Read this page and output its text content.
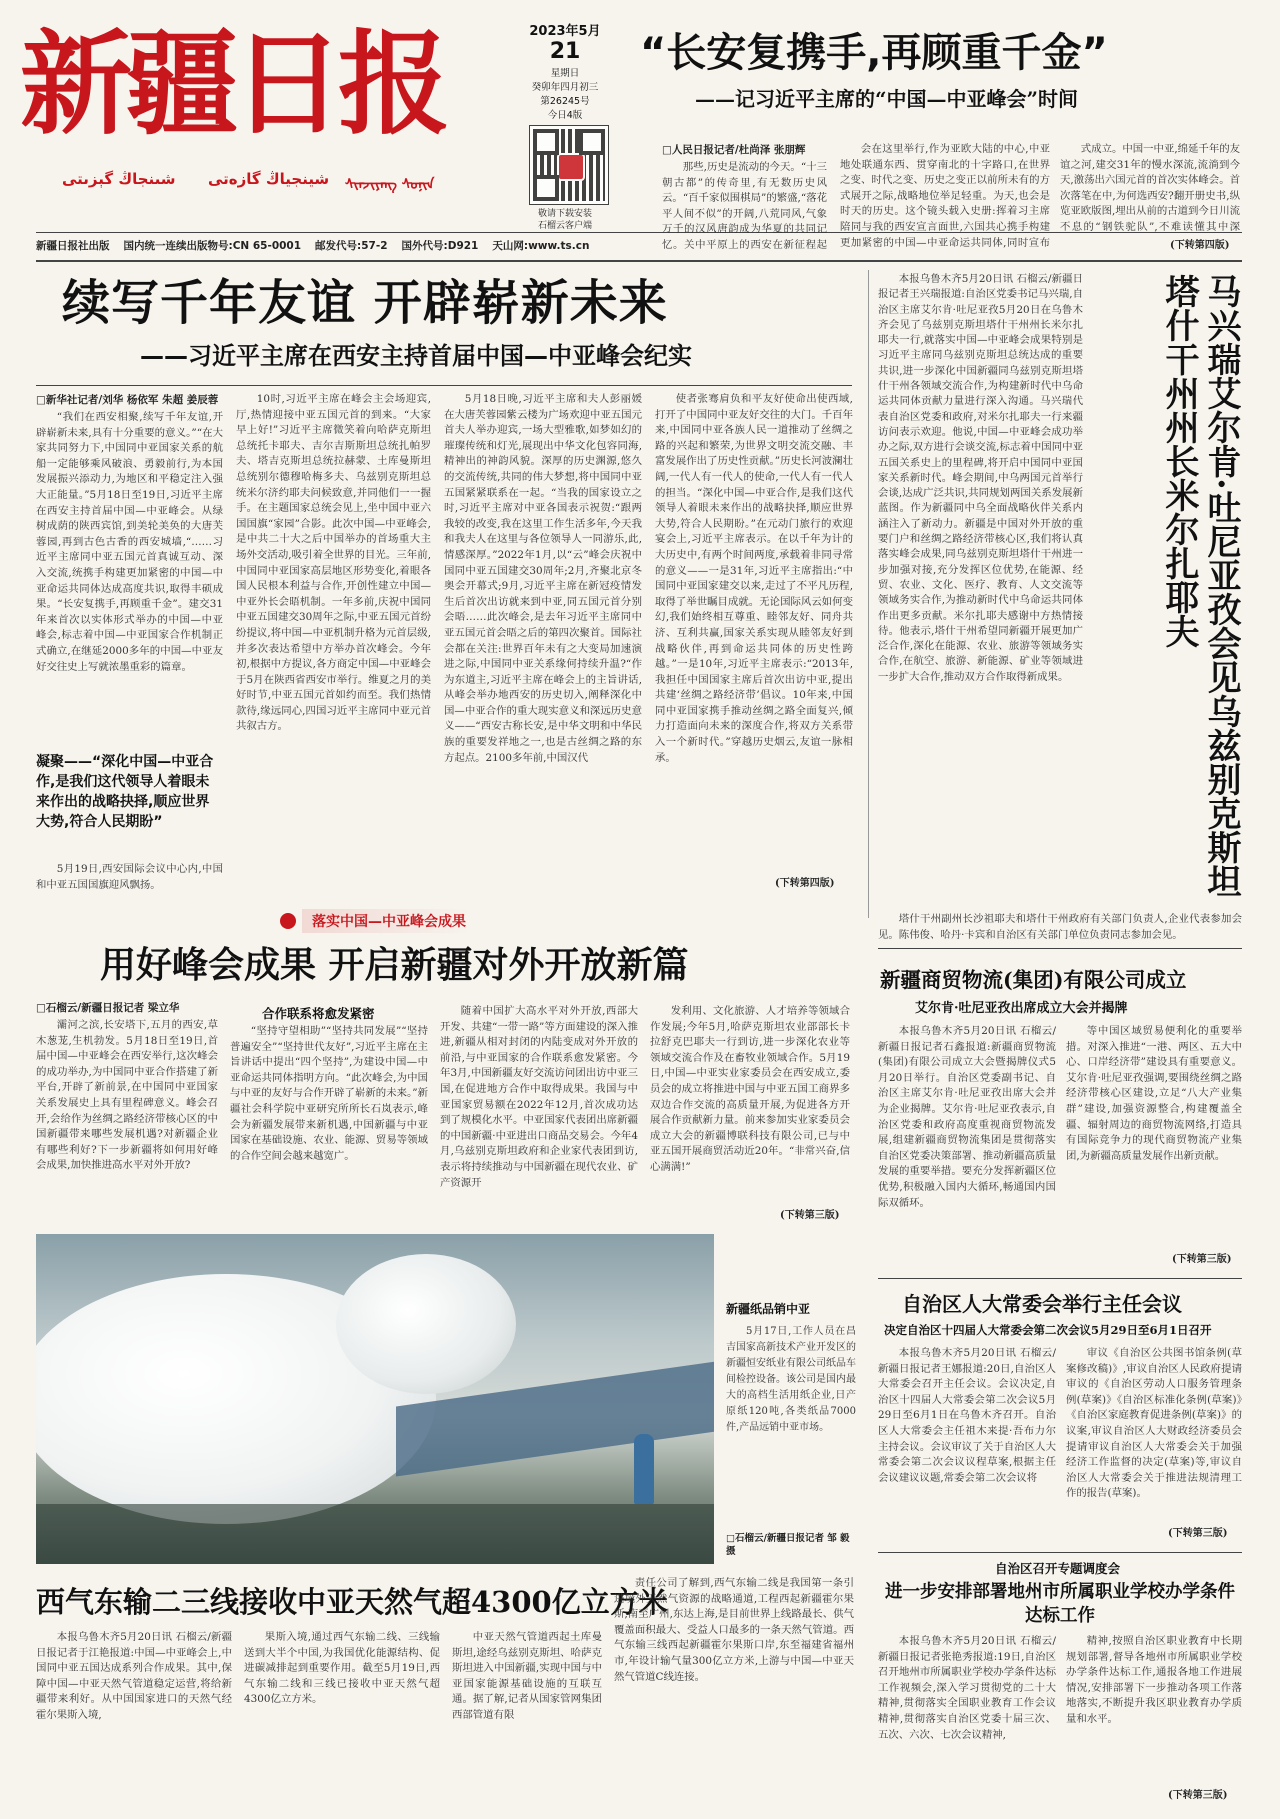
新疆日报
شىنجاڭ گېزىتى شينجياڭ گازەتى ᠰᠢᠨᠵᠢᠶᠠᠩ ᠰᠣᠨᠢᠨ
2023年5月
21
星期日
癸卯年四月初三
第26245号
今日4版
敬请下载安装
石榴云客户端
新疆日报社出版 国内统一连续出版物号:CN 65-0001 邮发代号:57-2 国外代号:D921 天山网:www.ts.cn
“长安复携手,再顾重千金”
——记习近平主席的“中国—中亚峰会”时间
□人民日报记者/杜尚泽 张朋辉

那些,历史是流动的今天。“十三朝古都”的传奇里,有无数历史风云。“百千家似围棋局”的繁盛,“落花平人间不似”的开阔,八荒同风,气象万千的汉风唐韵成为华夏的共同记忆。关中平原上的西安在新征程起

会在这里举行,作为亚欧大陆的中心,中亚地处联通东西、贯穿南北的十字路口,在世界之变、时代之变、历史之变正以前所未有的方式展开之际,战略地位举足轻重。为天,也会是时天的历史。这个镜头载入史册:挥着习主席陪同与我的西安宣言面世,六国共心携手构建更加紧密的中国—中亚命运共同体,同时宣布

式成立。中国一中亚,绵延千年的友谊之河,建交31年的慢水深流,流淌到今天,激荡出六国元首的首次实体峰会。首次落笔在中,为何选西安?翻开册史书,纵览亚欧版图,埋出从前的古道到今日川流不息的“钢铁驼队”,不难读懂其中深

(下转第四版)
续写千年友谊 开辟崭新未来
——习近平主席在西安主持首届中国—中亚峰会纪实
□新华社记者/刘华 杨依军 朱超 姜辰蓉

“我们在西安相聚,续写千年友谊,开辟崭新未来,具有十分重要的意义。”“在大家共同努力下,中国同中亚国家关系的航船一定能够乘风破浪、勇毅前行,为本国发展振兴添动力,为地区和平稳定注入强大正能量。”5月18日至19日,习近平主席在西安主持首届中国—中亚峰会。从绿树成荫的陕西宾馆,到美轮美奂的大唐芙蓉园,再到古色古香的西安城墙,“……习近平主席同中亚五国元首真诚互动、深入交流,统携手构建更加紧密的中国—中亚命运共同体达成高度共识,取得丰硕成果。“长安复携手,再顾重千金”。建交31年来首次以实体形式举办的中国—中亚峰会,标志着中国—中亚国家合作机制正式确立,在继延2000多年的中国—中亚友好交往史上写就浓墨重彩的篇章。

凝聚——“深化中国—中亚合作,是我们这代领导人着眼未来作出的战略抉择,顺应世界大势,符合人民期盼”

5月19日,西安国际会议中心内,中国和中亚五国国旗迎风飘扬。

10时,习近平主席在峰会主会场迎宾,厅,热情迎接中亚五国元首的到来。“大家早上好!”习近平主席微笑着向哈萨克斯坦总统托卡耶夫、吉尔吉斯斯坦总统扎帕罗夫、塔吉克斯坦总统拉赫蒙、土库曼斯坦总统别尔德穆哈梅多夫、乌兹别克斯坦总统米尔济约耶夫问候致意,并同他们一一握手。在主题国家总统会见上,坐中国中亚六国国旗“家园”合影。此次中国—中亚峰会,是中共二十大之后中国举办的首场重大主场外交活动,吸引着全世界的目光。三年前,中国同中亚国家高层地区形势变化,着眼各国人民根本利益与合作,开创性建立中国—中亚外长会晤机制。一年多前,庆祝中国同中亚五国建交30周年之际,中亚五国元首纷纷提议,将中国—中亚机制升格为元首层级,并多次表达希望中方举办首次峰会。今年初,根据中方提议,各方商定中国—中亚峰会于5月在陕西省西安市举行。维夏之月的美好时节,中亚五国元首如约而至。我们热情款待,缘远同心,四国习近平主席同中亚元首共叙古方。

5月18日晚,习近平主席和夫人彭丽媛在大唐芙蓉园紫云楼为广场欢迎中亚五国元首夫人举办迎宾,一场大型雅歌,如梦如幻的璀璨传统和灯光,展现出中华文化包容同海,精神出的神韵风貌。深厚的历史渊源,悠久的交流传统,共同的伟大梦想,将中国同中亚五国紧紧联系在一起。“当我的国家设立之时,习近平主席对中亚各国表示祝贺:“跟两我较的改变,我在这里工作生活多年,今天我和我夫人在这里与各位领导人一同游乐,此,情感深厚。”2022年1月,以“云”峰会庆祝中国同中亚五国建交30周年;2月,齐聚北京冬奥会开幕式;9月,习近平主席在新冠疫情发生后首次出访就来到中亚,同五国元首分别会晤……此次峰会,是去年习近平主席同中亚五国元首会晤之后的第四次聚首。国际社会都在关注:世界百年未有之大变局加速演进之际,中国同中亚关系缘何持续升温?“作为东道主,习近平主席在峰会上的主旨讲话,从峰会举办地西安的历史切入,阐释深化中国—中亚合作的重大现实意义和深远历史意义——“西安古称长安,是中华文明和中华民族的重要发祥地之一,也是古丝绸之路的东方起点。2100多年前,中国汉代

使者张骞肩负和平友好使命出使西域,打开了中国同中亚友好交往的大门。千百年来,中国同中亚各族人民一道推动了丝绸之路的兴起和繁荣,为世界文明交流交融、丰富发展作出了历史性贡献。”历史长河波澜壮阔,一代人有一代人的使命,一代人有一代人的担当。“深化中国—中亚合作,是我们这代领导人着眼未来作出的战略抉择,顺应世界大势,符合人民期盼。”在元动门旅行的欢迎宴会上,习近平主席表示。在以千年为计的大历史中,有两个时间两度,承载着非同寻常的意义——一是31年,习近平主席指出:“中国同中亚国家建交以来,走过了不平凡历程,取得了举世瞩目成就。无论国际风云如何变幻,我们始终相互尊重、睦邻友好、同舟共济、互利共赢,国家关系实现从睦邻友好到战略伙伴,再到命运共同体的历史性跨越。”一是10年,习近平主席表示:“2013年,我担任中国国家主席后首次出访中亚,提出共建‘丝绸之路经济带’倡议。10年来,中国同中亚国家携手推动丝绸之路全面复兴,倾力打造面向未来的深度合作,将双方关系带入一个新时代。”穿越历史烟云,友谊一脉相承。

(下转第四版)

本报乌鲁木齐5月20日讯 石榴云/新疆日报记者王兴瑞报道:自治区党委书记马兴瑞,自治区主席艾尔肯·吐尼亚孜5月20日在乌鲁木齐会见了乌兹别克斯坦塔什干州州长米尔扎耶夫一行,就落实中国—中亚峰会成果特别是习近平主席同乌兹别克斯坦总统达成的重要共识,进一步深化中国新疆同乌兹别克斯坦塔什干州各领域交流合作,为构建新时代中乌命运共同体贡献力量进行深入沟通。马兴瑞代表自治区党委和政府,对米尔扎耶夫一行来疆访问表示欢迎。他说,中国—中亚峰会成功举办之际,双方进行会谈交流,标志着中国同中亚五国关系史上的里程碑,将开启中国同中亚国家关系新时代。峰会期间,中乌两国元首举行会谈,达成广泛共识,共同规划两国关系发展新蓝图。作为新疆同中乌全面战略伙伴关系内涵注入了新动力。新疆是中国对外开放的重要门户和丝绸之路经济带核心区,我们将认真落实峰会成果,同乌兹别克斯坦塔什干州进一步加强对接,充分发挥区位优势,在能源、经贸、农业、文化、医疗、教育、人文交流等领域务实合作,为推动新时代中乌命运共同体作出更多贡献。米尔扎耶夫感谢中方热情接待。他表示,塔什干州希望同新疆开展更加广泛合作,深化在能源、农业、旅游等领域务实合作,在航空、旅游、新能源、矿业等领域进一步扩大合作,推动双方合作取得新成果。	马兴瑞艾尔肯·吐尼亚孜会见乌兹别克斯坦塔什干州州长米尔扎耶夫

塔什干州副州长沙祖耶夫和塔什干州政府有关部门负责人,企业代表参加会见。陈伟俊、哈丹·卡宾和自治区有关部门单位负责同志参加会见。

落实中国—中亚峰会成果
用好峰会成果 开启新疆对外开放新篇
□石榴云/新疆日报记者 梁立华

灞河之滨,长安塔下,五月的西安,草木葱茏,生机勃发。5月18日至19日,首届中国—中亚峰会在西安举行,这次峰会的成功举办,为中国同中亚合作搭建了新平台,开辟了新前景,在中国同中亚国家关系发展史上具有里程碑意义。峰会召开,会给作为丝绸之路经济带核心区的中国新疆带来哪些发展机遇?对新疆企业有哪些利好?下一步新疆将如何用好峰会成果,加快推进高水平对外开放?

合作联系将愈发紧密

“坚持守望相助”“坚持共同发展”“坚持普遍安全”“坚持世代友好”,习近平主席在主旨讲话中提出“四个坚持”,为建设中国—中亚命运共同体指明方向。“此次峰会,为中国与中亚的友好与合作开辟了崭新的未来。”新疆社会科学院中亚研究所所长石岚表示,峰会为新疆发展带来新机遇,中国新疆与中亚国家在基础设施、农业、能源、贸易等领域的合作空间会越来越宽广。

随着中国扩大高水平对外开放,西部大开发、共建“一带一路”等方面建设的深入推进,新疆从相对封闭的内陆变成对外开放的前沿,与中亚国家的合作联系愈发紧密。今年3月,中国新疆友好交流访问团出访中亚三国,在促进地方合作中取得成果。我国与中亚国家贸易额在2022年12月,首次成功达到了规模化水平。中亚国家代表团出席新疆的中国新疆·中亚进出口商品交易会。今年4月,乌兹别克斯坦政府和企业家代表团到访,表示将持续推动与中国新疆在现代农业、矿产资源开

发利用、文化旅游、人才培养等领域合作发展;今年5月,哈萨克斯坦农业部部长卡拉舒克巴耶夫一行到访,进一步深化农业等领域交流合作及在畜牧业领域合作。5月19日,中国—中亚实业家委员会在西安成立,委员会的成立将推进中国与中亚五国工商界多双边合作交流的高质量开展,为促进各方开展合作贡献新力量。前来参加实业家委员会成立大会的新疆博联科技有限公司,已与中亚五国开展商贸活动近20年。“非常兴奋,信心满满!”

(下转第三版)
新疆纸品销中亚

5月17日,工作人员在昌吉国家高新技术产业开发区的新疆恒安纸业有限公司纸品车间检控设备。该公司是国内最大的高档生活用纸企业,日产原纸120吨,各类纸品7000件,产品远销中亚市场。

□石榴云/新疆日报记者 邹 毅摄
西气东输二三线接收中亚天然气超4300亿立方米

本报乌鲁木齐5月20日讯 石榴云/新疆日报记者于江艳报道:中国—中亚峰会上,中国同中亚五国达成系列合作成果。其中,保障中国—中亚天然气管道稳定运营,将给新疆带来利好。从中国国家进口的天然气经霍尔果斯入境,

果斯入境,通过西气东输二线、三线输送到大半个中国,为我国优化能源结构、促进碳减排起到重要作用。截至5月19日,西气东输二线和三线已接收中亚天然气超4300亿立方米。

中亚天然气管道西起土库曼斯坦,途经乌兹别克斯坦、哈萨克斯坦进入中国新疆,实现中国与中亚国家能源基础设施的互联互通。据了解,记者从国家管网集团西部管道有限

责任公司了解到,西气东输二线是我国第一条引进境外天然气资源的战略通道,工程西起新疆霍尔果斯,南至广州,东达上海,是目前世界上线路最长、供气覆盖面积最大、受益人口最多的一条天然气管道。西气东输三线西起新疆霍尔果斯口岸,东至福建省福州市,年设计输气量300亿立方米,上游与中国—中亚天然气管道C线连接。

新疆商贸物流(集团)有限公司成立
艾尔肯·吐尼亚孜出席成立大会并揭牌

本报乌鲁木齐5月20日讯 石榴云/新疆日报记者石鑫报道:新疆商贸物流(集团)有限公司成立大会暨揭牌仪式5月20日举行。自治区党委副书记、自治区主席艾尔肯·吐尼亚孜出席大会并为企业揭牌。艾尔肯·吐尼亚孜表示,自治区党委和政府高度重视商贸物流发展,组建新疆商贸物流集团是贯彻落实自治区党委决策部署、推动新疆高质量发展的重要举措。要充分发挥新疆区位优势,积极融入国内大循环,畅通国内国际双循环。

等中国区域贸易便利化的重要举措。对深入推进“一港、两区、五大中心、口岸经济带”建设具有重要意义。艾尔肯·吐尼亚孜强调,要围绕丝绸之路经济带核心区建设,立足“八大产业集群”建设,加强资源整合,构建覆盖全疆、辐射周边的商贸物流网络,打造具有国际竞争力的现代商贸物流产业集团,为新疆高质量发展作出新贡献。

(下转第三版)
自治区人大常委会举行主任会议
决定自治区十四届人大常委会第二次会议5月29日至6月1日召开

本报乌鲁木齐5月20日讯 石榴云/新疆日报记者王娜报道:20日,自治区人大常委会召开主任会议。会议决定,自治区十四届人大常委会第二次会议5月29日至6月1日在乌鲁木齐召开。自治区人大常委会主任祖木来提·吾布力尔主持会议。会议审议了关于自治区人大常委会第二次会议议程草案,根据主任会议建议议题,常委会第二次会议将

审议《自治区公共图书馆条例(草案修改稿)》,审议自治区人民政府提请审议的《自治区劳动人口服务管理条例(草案)》《自治区标准化条例(草案)》《自治区家庭教育促进条例(草案)》的议案,审议自治区人大财政经济委员会提请审议自治区人大常委会关于加强经济工作监督的决定(草案)等,审议自治区人大常委会关于推进法规清理工作的报告(草案)。

(下转第三版)
自治区召开专题调度会
进一步安排部署地州市所属职业学校办学条件达标工作

本报乌鲁木齐5月20日讯 石榴云/新疆日报记者张艳秀报道:19日,自治区召开地州市所属职业学校办学条件达标工作视频会,深入学习贯彻党的二十大精神,贯彻落实全国职业教育工作会议精神,贯彻落实自治区党委十届三次、五次、六次、七次会议精神,

精神,按照自治区职业教育中长期规划部署,督导各地州市所属职业学校办学条件达标工作,通报各地工作进展情况,安排部署下一步推动各项工作落地落实,不断提升我区职业教育办学质量和水平。

(下转第三版)
